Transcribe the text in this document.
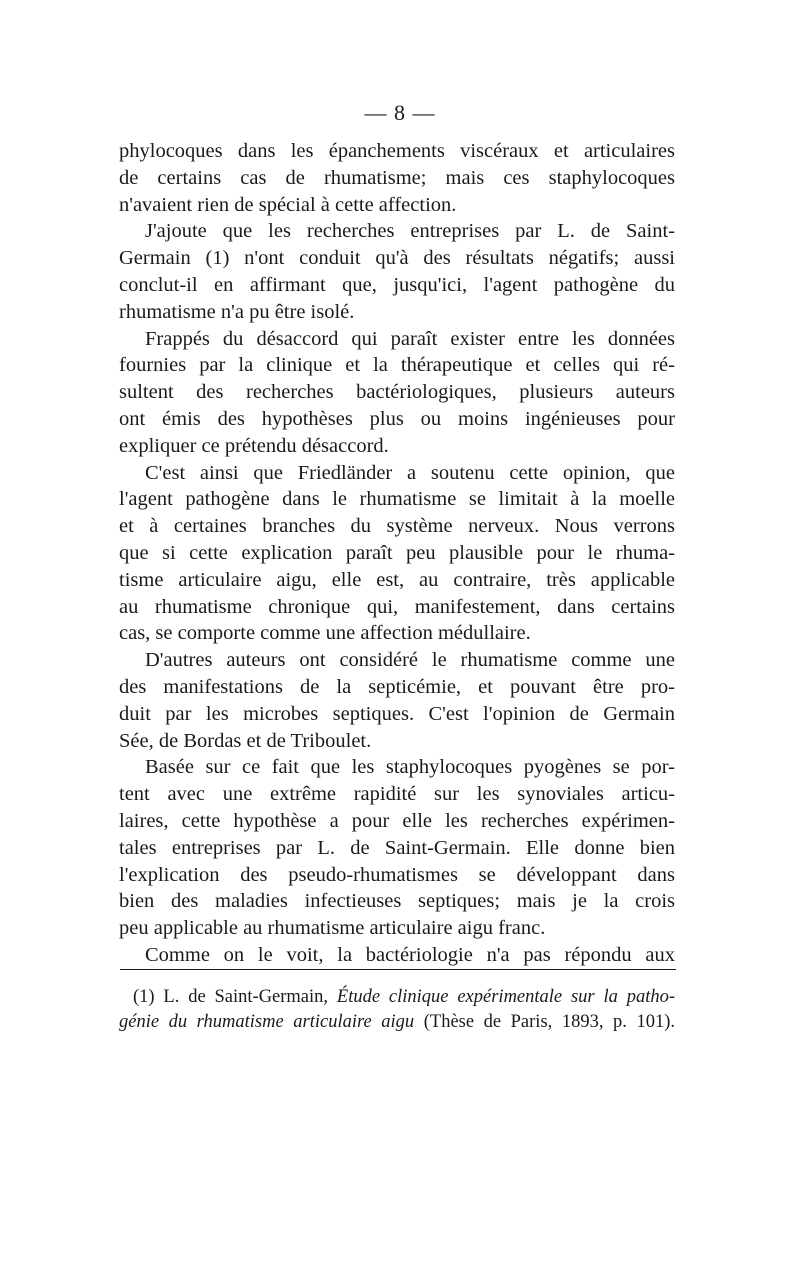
— 8 —
phylocoques dans les épanchements viscéraux et articulaires
de certains cas de rhumatisme; mais ces staphylocoques
n'avaient rien de spécial à cette affection.
J'ajoute que les recherches entreprises par L. de Saint-
Germain (1) n'ont conduit qu'à des résultats négatifs; aussi
conclut-il en affirmant que, jusqu'ici, l'agent pathogène du
rhumatisme n'a pu être isolé.
Frappés du désaccord qui paraît exister entre les données
fournies par la clinique et la thérapeutique et celles qui ré-
sultent des recherches bactériologiques, plusieurs auteurs
ont émis des hypothèses plus ou moins ingénieuses pour
expliquer ce prétendu désaccord.
C'est ainsi que Friedländer a soutenu cette opinion, que
l'agent pathogène dans le rhumatisme se limitait à la moelle
et à certaines branches du système nerveux. Nous verrons
que si cette explication paraît peu plausible pour le rhuma-
tisme articulaire aigu, elle est, au contraire, très applicable
au rhumatisme chronique qui, manifestement, dans certains
cas, se comporte comme une affection médullaire.
D'autres auteurs ont considéré le rhumatisme comme une
des manifestations de la septicémie, et pouvant être pro-
duit par les microbes septiques. C'est l'opinion de Germain
Sée, de Bordas et de Triboulet.
Basée sur ce fait que les staphylocoques pyogènes se por-
tent avec une extrême rapidité sur les synoviales articu-
laires, cette hypothèse a pour elle les recherches expérimen-
tales entreprises par L. de Saint-Germain. Elle donne bien
l'explication des pseudo-rhumatismes se développant dans
bien des maladies infectieuses septiques; mais je la crois
peu applicable au rhumatisme articulaire aigu franc.
Comme on le voit, la bactériologie n'a pas répondu aux
(1) L. de Saint-Germain, Étude clinique expérimentale sur la patho-
génie du rhumatisme articulaire aigu (Thèse de Paris, 1893, p. 101).
